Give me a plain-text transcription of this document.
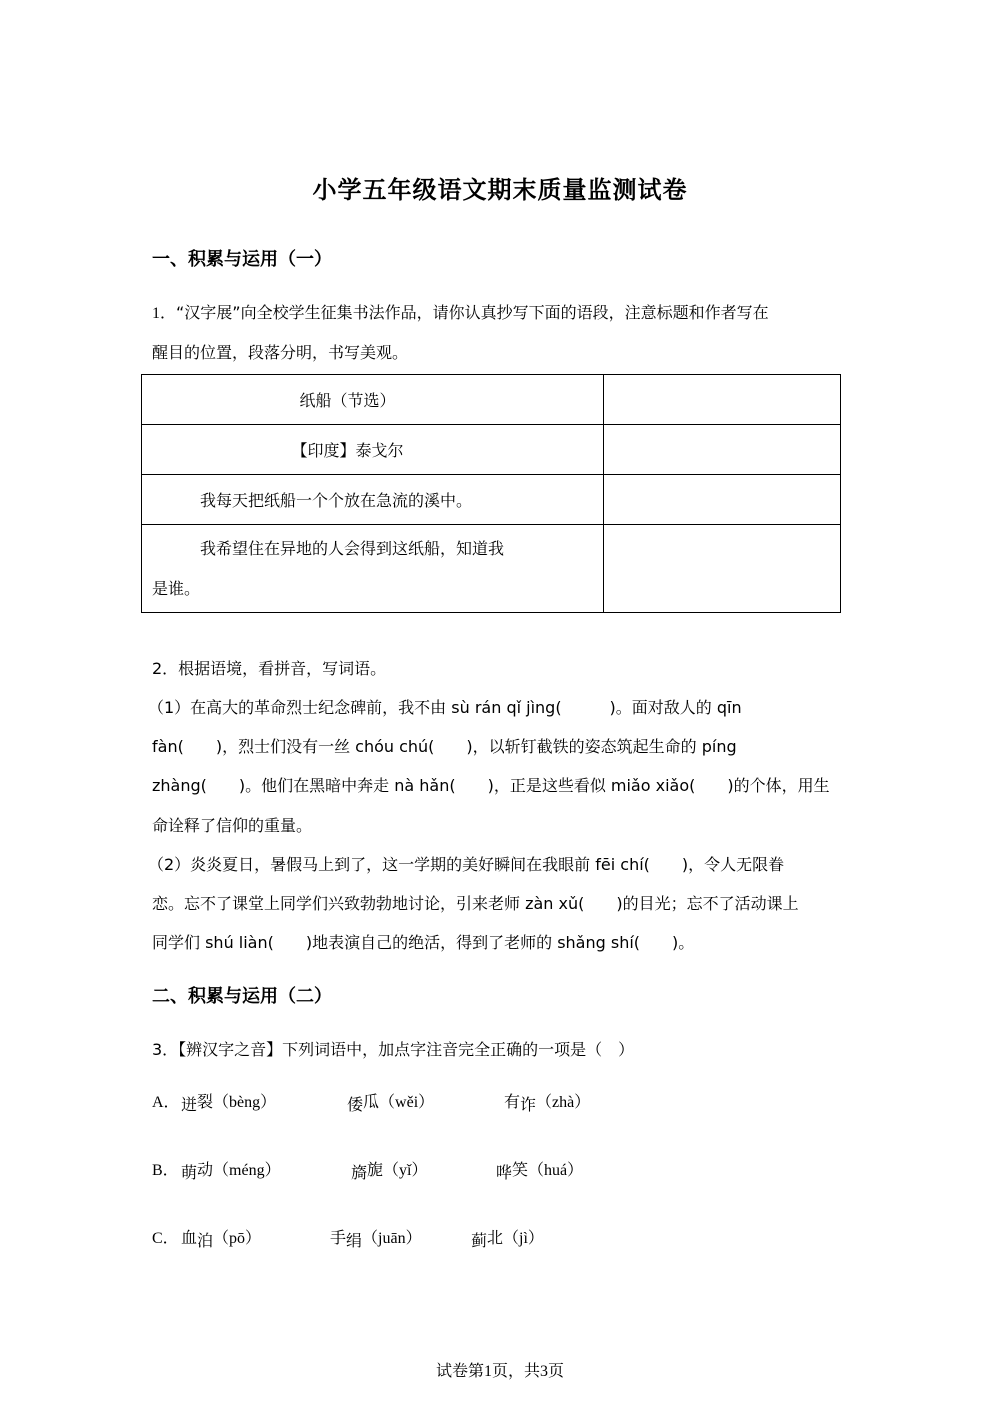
小学五年级语文期末质量监测试卷
一、积累与运用（一）
1．“汉字展”向全校学生征集书法作品，请你认真抄写下面的语段，注意标题和作者写在
醒目的位置，段落分明，书写美观。
纸船（节选）	
【印度】泰戈尔	
我每天把纸船一个个放在急流的溪中。	

我希望住在异地的人会得到这纸船，知道我
是谁。	

2．根据语境，看拼音，写词语。
（1）在高大的革命烈士纪念碑前，我不由 sù rán qǐ jìng(　　　)。面对敌人的 qīn
fàn(　　)，烈士们没有一丝 chóu chú(　　)，以斩钉截铁的姿态筑起生命的 píng
zhàng(　　)。他们在黑暗中奔走 nà hǎn(　　)，正是这些看似 miǎo xiǎo(　　)的个体，用生
命诠释了信仰的重量。
（2）炎炎夏日，暑假马上到了，这一学期的美好瞬间在我眼前 fēi chí(　　)，令人无限眷
恋。忘不了课堂上同学们兴致勃勃地讨论，引来老师 zàn xǔ(　　)的目光；忘不了活动课上
同学们 shú liàn(　　)地表演自己的绝活，得到了老师的 shǎng shí(　　)。
二、积累与运用（二）
3．【辨汉字之音】下列词语中，加点字注音完全正确的一项是（　）
A． 迸裂（bèng）	倭瓜（wěi）	有诈（zhà）
B． 萌动（méng）	旖旎（yǐ）	哗笑（huá）
C． 血泊（pō）	手绢（juān）	蓟北（jì）
试卷第1页，共3页
